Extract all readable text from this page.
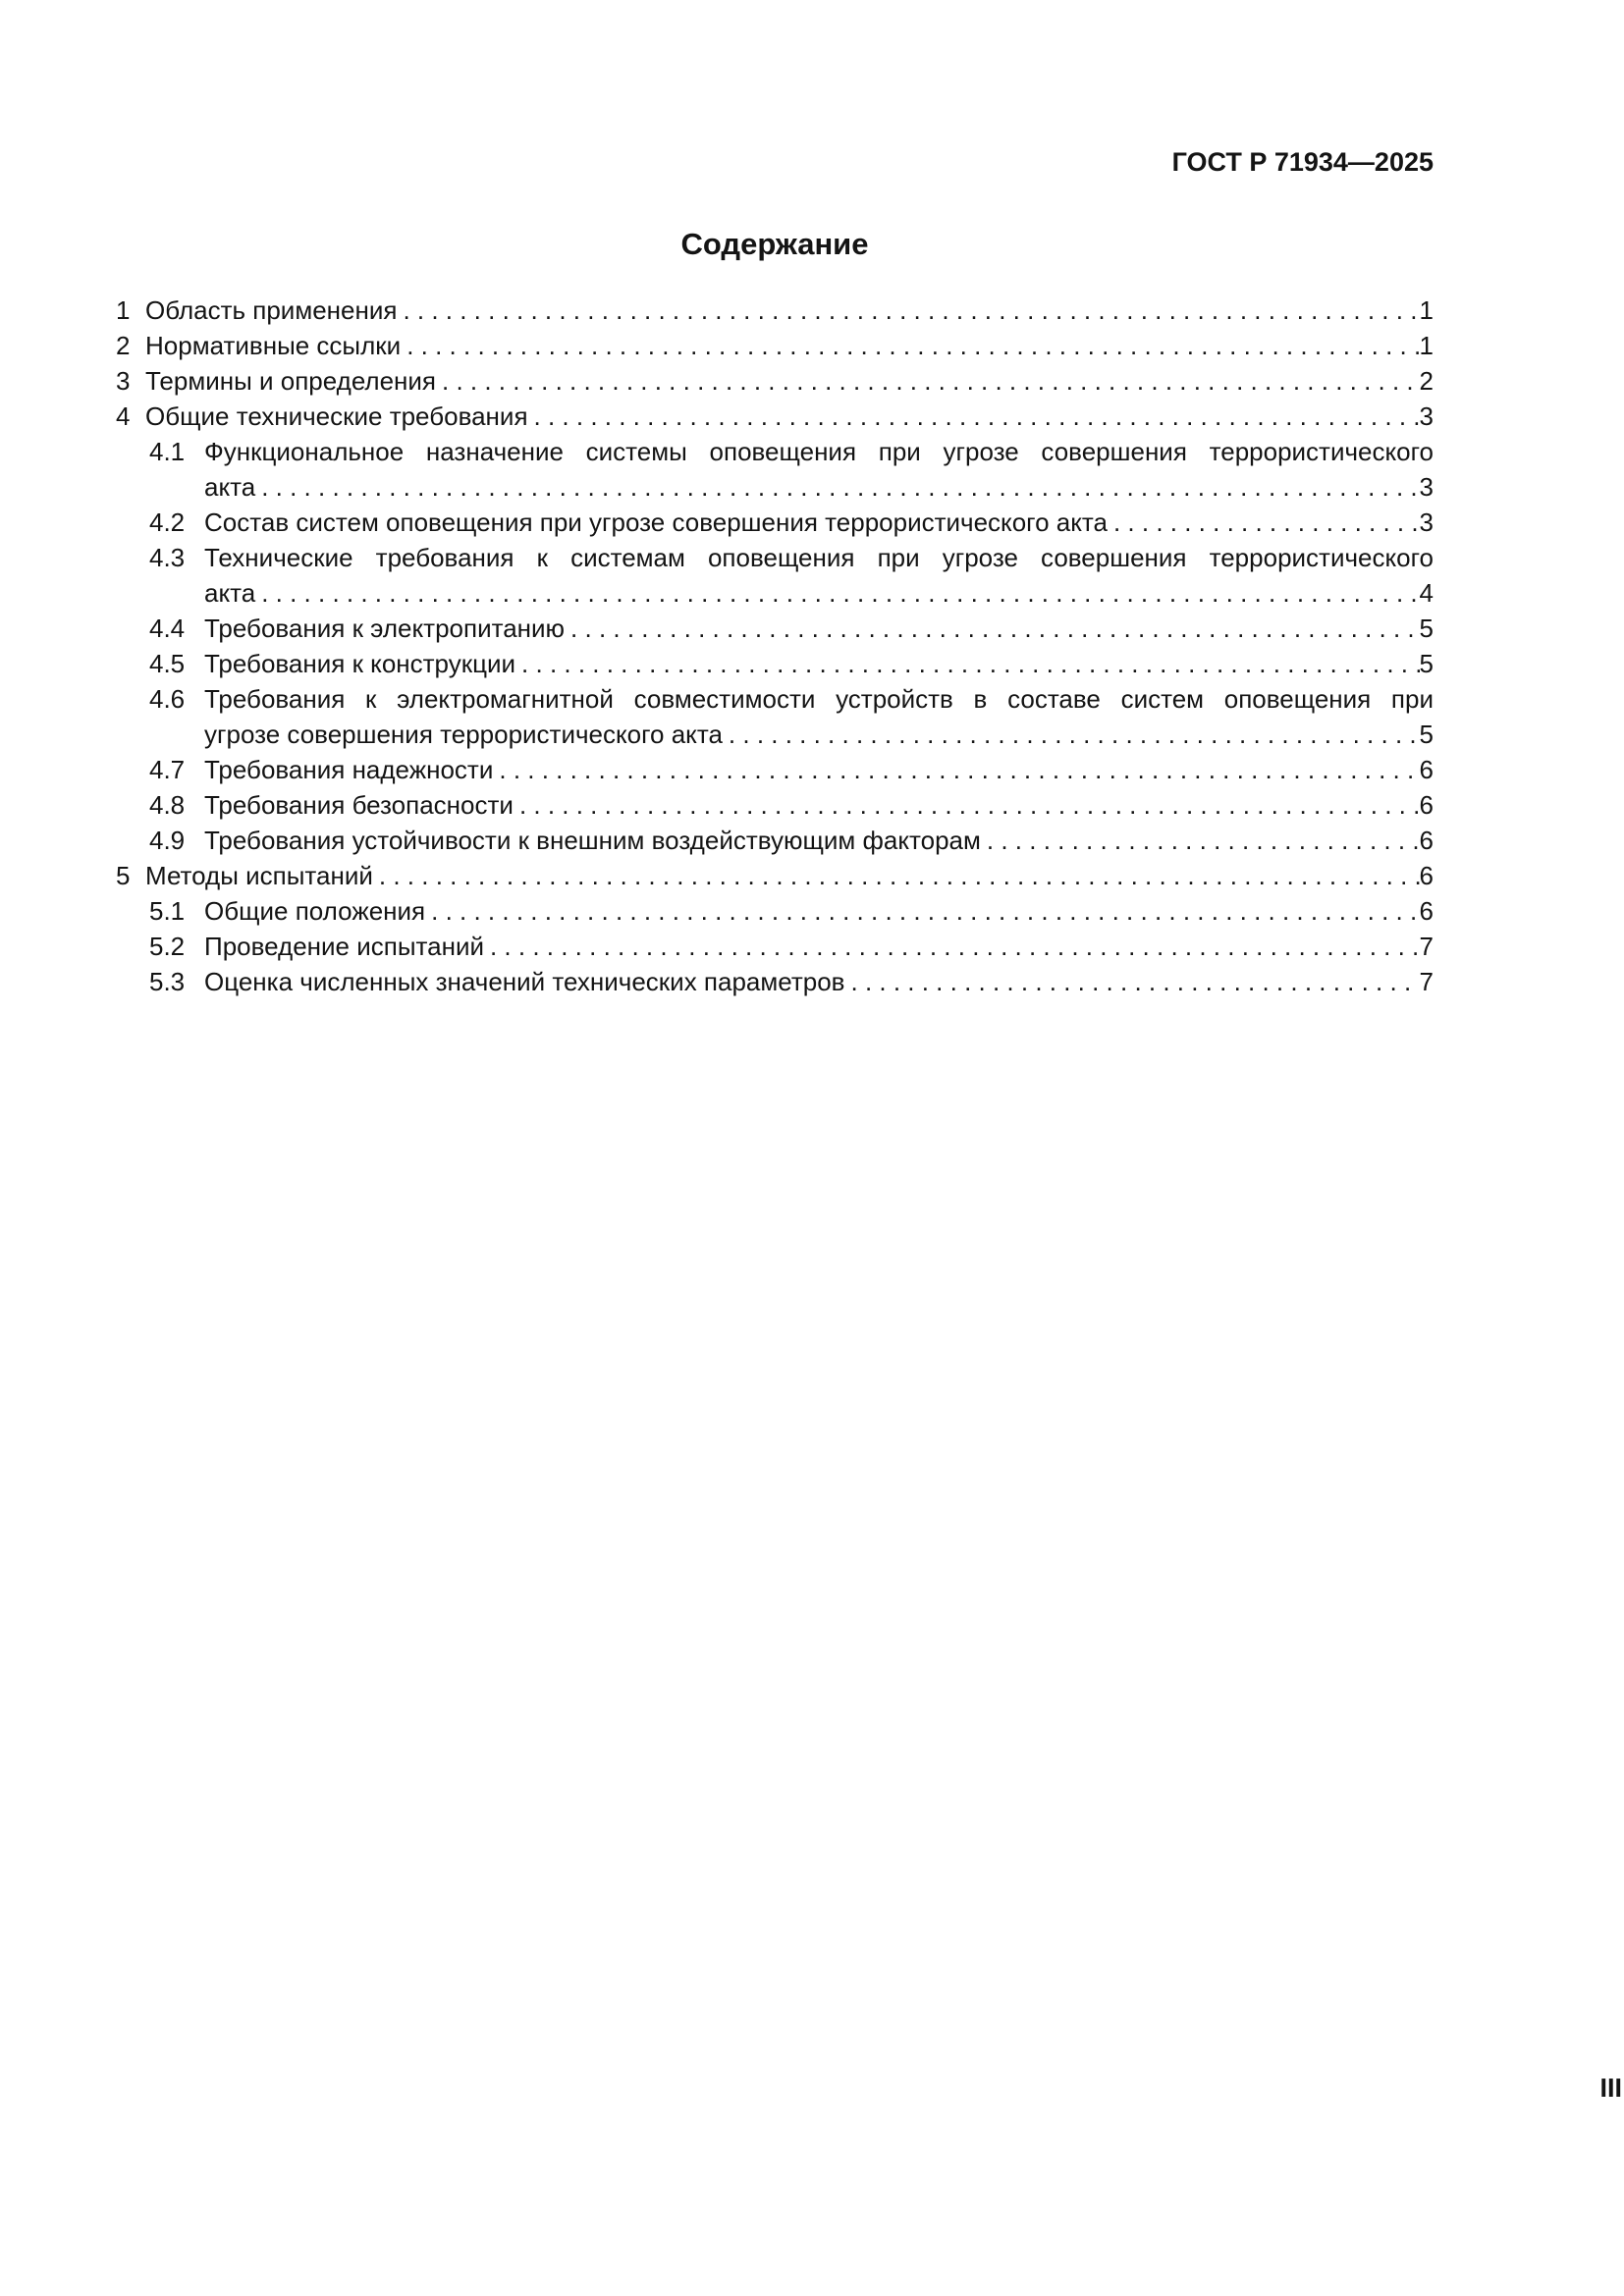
ГОСТ Р 71934—2025
Содержание
1 Область применения . . .	1
2 Нормативные ссылки . . .	1
3 Термины и определения . . .	2
4 Общие технические требования . . .	3
4.1 Функциональное назначение системы оповещения при угрозе совершения террористического
акта . . .	3
4.2 Состав систем оповещения при угрозе совершения террористического акта . . .	3
4.3 Технические требования к системам оповещения при угрозе совершения террористического
акта . . .	4
4.4 Требования к электропитанию . . .	5
4.5 Требования к конструкции . . .	5
4.6 Требования к электромагнитной совместимости устройств в составе систем оповещения при
угрозе совершения террористического акта . . .	5
4.7 Требования надежности . . .	6
4.8 Требования безопасности . . .	6
4.9 Требования устойчивости к внешним воздействующим факторам . . .	6
5 Методы испытаний . . .	6
5.1 Общие положения . . .	6
5.2 Проведение испытаний . . .	7
5.3 Оценка численных значений технических параметров . . .	7
III
